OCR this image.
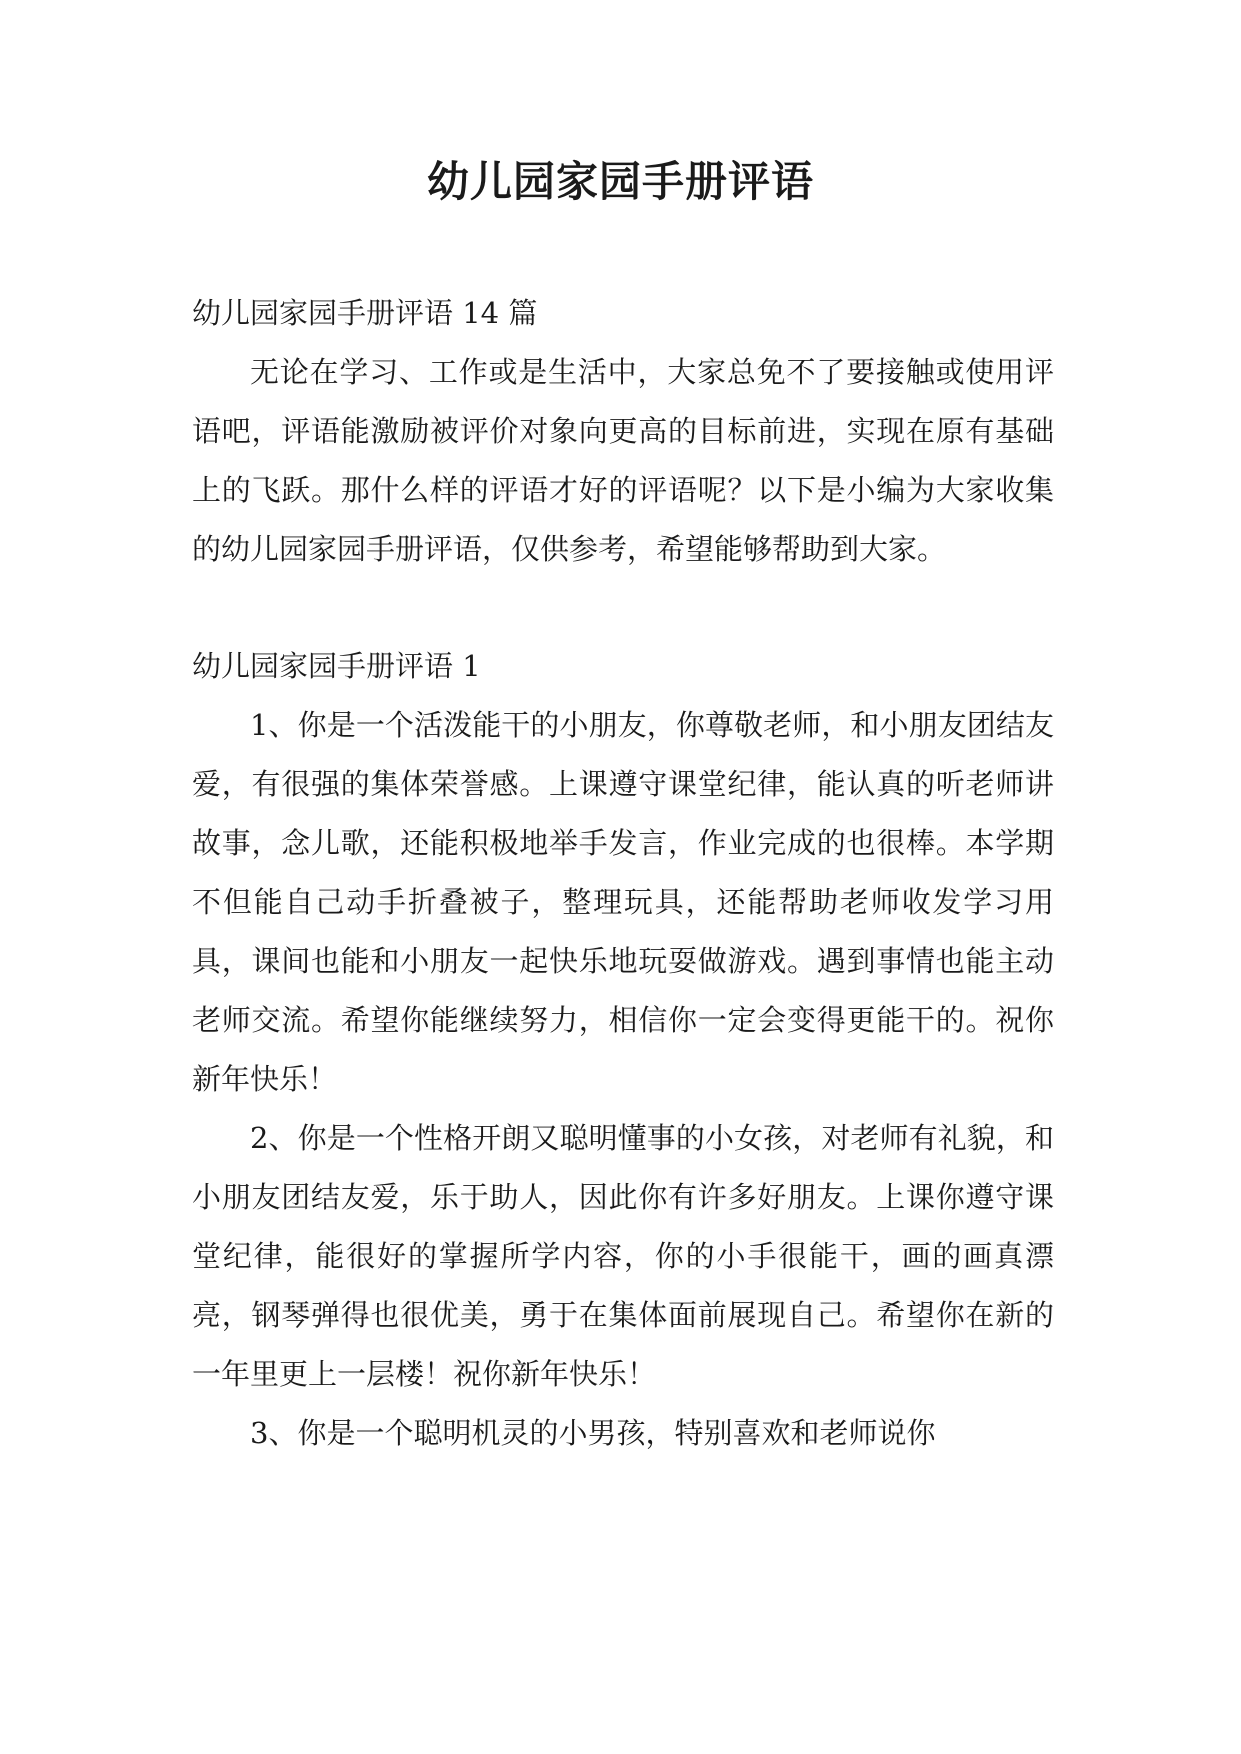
幼儿园家园手册评语

幼儿园家园手册评语 14 篇

无论在学习、工作或是生活中，大家总免不了要接触或使用评语吧，评语能激励被评价对象向更高的目标前进，实现在原有基础上的飞跃。那什么样的评语才好的评语呢？以下是小编为大家收集的幼儿园家园手册评语，仅供参考，希望能够帮助到大家。

幼儿园家园手册评语 1

1、你是一个活泼能干的小朋友，你尊敬老师，和小朋友团结友爱，有很强的集体荣誉感。上课遵守课堂纪律，能认真的听老师讲故事，念儿歌，还能积极地举手发言，作业完成的也很棒。本学期不但能自己动手折叠被子，整理玩具，还能帮助老师收发学习用具，课间也能和小朋友一起快乐地玩耍做游戏。遇到事情也能主动老师交流。希望你能继续努力，相信你一定会变得更能干的。祝你新年快乐！

2、你是一个性格开朗又聪明懂事的小女孩，对老师有礼貌，和小朋友团结友爱，乐于助人，因此你有许多好朋友。上课你遵守课堂纪律，能很好的掌握所学内容，你的小手很能干，画的画真漂亮，钢琴弹得也很优美，勇于在集体面前展现自己。希望你在新的一年里更上一层楼！祝你新年快乐！

3、你是一个聪明机灵的小男孩，特别喜欢和老师说你
